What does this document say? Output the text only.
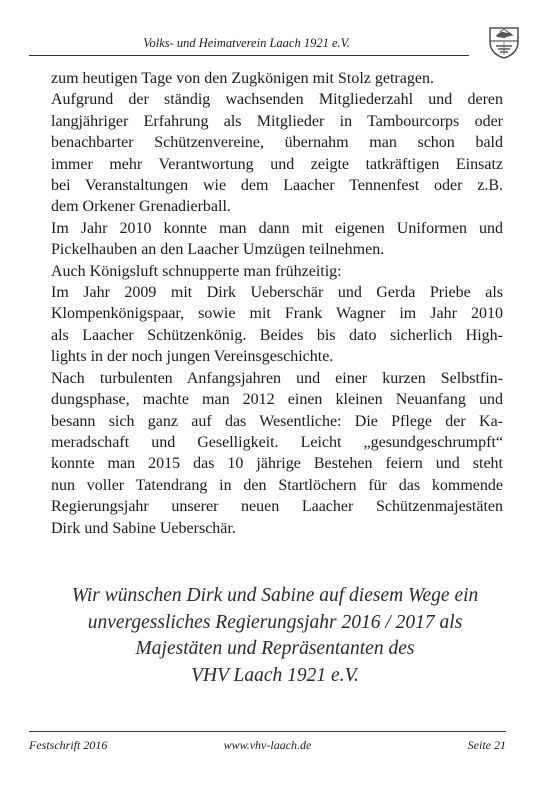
Volks- und Heimatverein Laach 1921 e.V.
zum heutigen Tage von den Zugkönigen mit Stolz getragen.
Aufgrund der ständig wachsenden Mitgliederzahl und deren
langjähriger Erfahrung als Mitglieder in Tambourcorps oder
benachbarter Schützenvereine, übernahm man schon bald
immer mehr Verantwortung und zeigte tatkräftigen Einsatz
bei Veranstaltungen wie dem Laacher Tennenfest oder z.B.
dem Orkener Grenadierball.
Im Jahr 2010 konnte man dann mit eigenen Uniformen und
Pickelhauben an den Laacher Umzügen teilnehmen.
Auch Königsluft schnupperte man frühzeitig:
Im Jahr 2009 mit Dirk Ueberschär und Gerda Priebe als
Klompenkönigspaar, sowie mit Frank Wagner im Jahr 2010
als Laacher Schützenkönig. Beides bis dato sicherlich High-
lights in der noch jungen Vereinsgeschichte.
Nach turbulenten Anfangsjahren und einer kurzen Selbstfin-
dungsphase, machte man 2012 einen kleinen Neuanfang und
besann sich ganz auf das Wesentliche: Die Pflege der Ka-
meradschaft und Geselligkeit. Leicht „gesundgeschrumpft“
konnte man 2015 das 10 jährige Bestehen feiern und steht
nun voller Tatendrang in den Startlöchern für das kommende
Regierungsjahr unserer neuen Laacher Schützenmajestäten
Dirk und Sabine Ueberschär.
Wir wünschen Dirk und Sabine auf diesem Wege ein
unvergessliches Regierungsjahr 2016 / 2017 als
Majestäten und Repräsentanten des
VHV Laach 1921 e.V.
Festschrift 2016	www.vhv-laach.de	Seite 21
